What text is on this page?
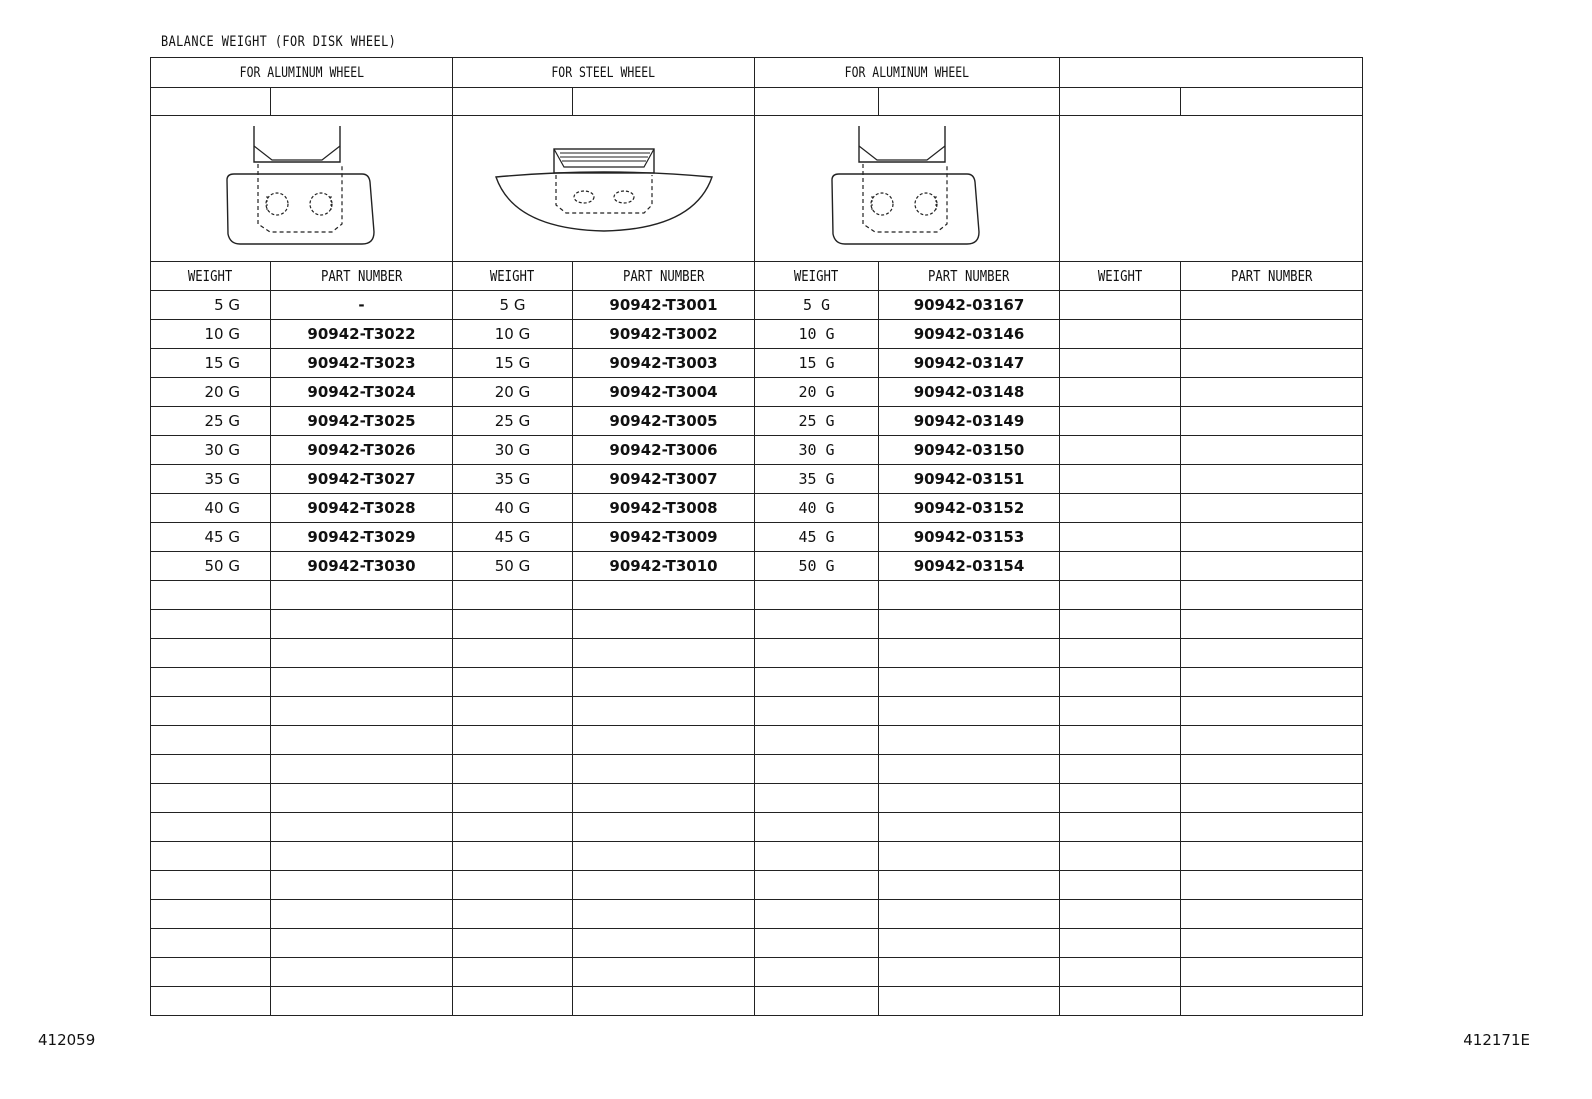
BALANCE WEIGHT (FOR DISK WHEEL)
FOR ALUMINUM WHEEL		FOR STEEL WHEEL		FOR ALUMINUM WHEEL			

WEIGHT	PART NUMBER	WEIGHT	PART NUMBER	WEIGHT	PART NUMBER	WEIGHT	PART NUMBER
5 G	-	5 G	90942-T3001	5 G	90942-03167		
10 G	90942-T3022	10 G	90942-T3002	10 G	90942-03146		
15 G	90942-T3023	15 G	90942-T3003	15 G	90942-03147		
20 G	90942-T3024	20 G	90942-T3004	20 G	90942-03148		
25 G	90942-T3025	25 G	90942-T3005	25 G	90942-03149		
30 G	90942-T3026	30 G	90942-T3006	30 G	90942-03150		
35 G	90942-T3027	35 G	90942-T3007	35 G	90942-03151		
40 G	90942-T3028	40 G	90942-T3008	40 G	90942-03152		
45 G	90942-T3029	45 G	90942-T3009	45 G	90942-03153		
50 G	90942-T3030	50 G	90942-T3010	50 G	90942-03154		

412059	412171E
